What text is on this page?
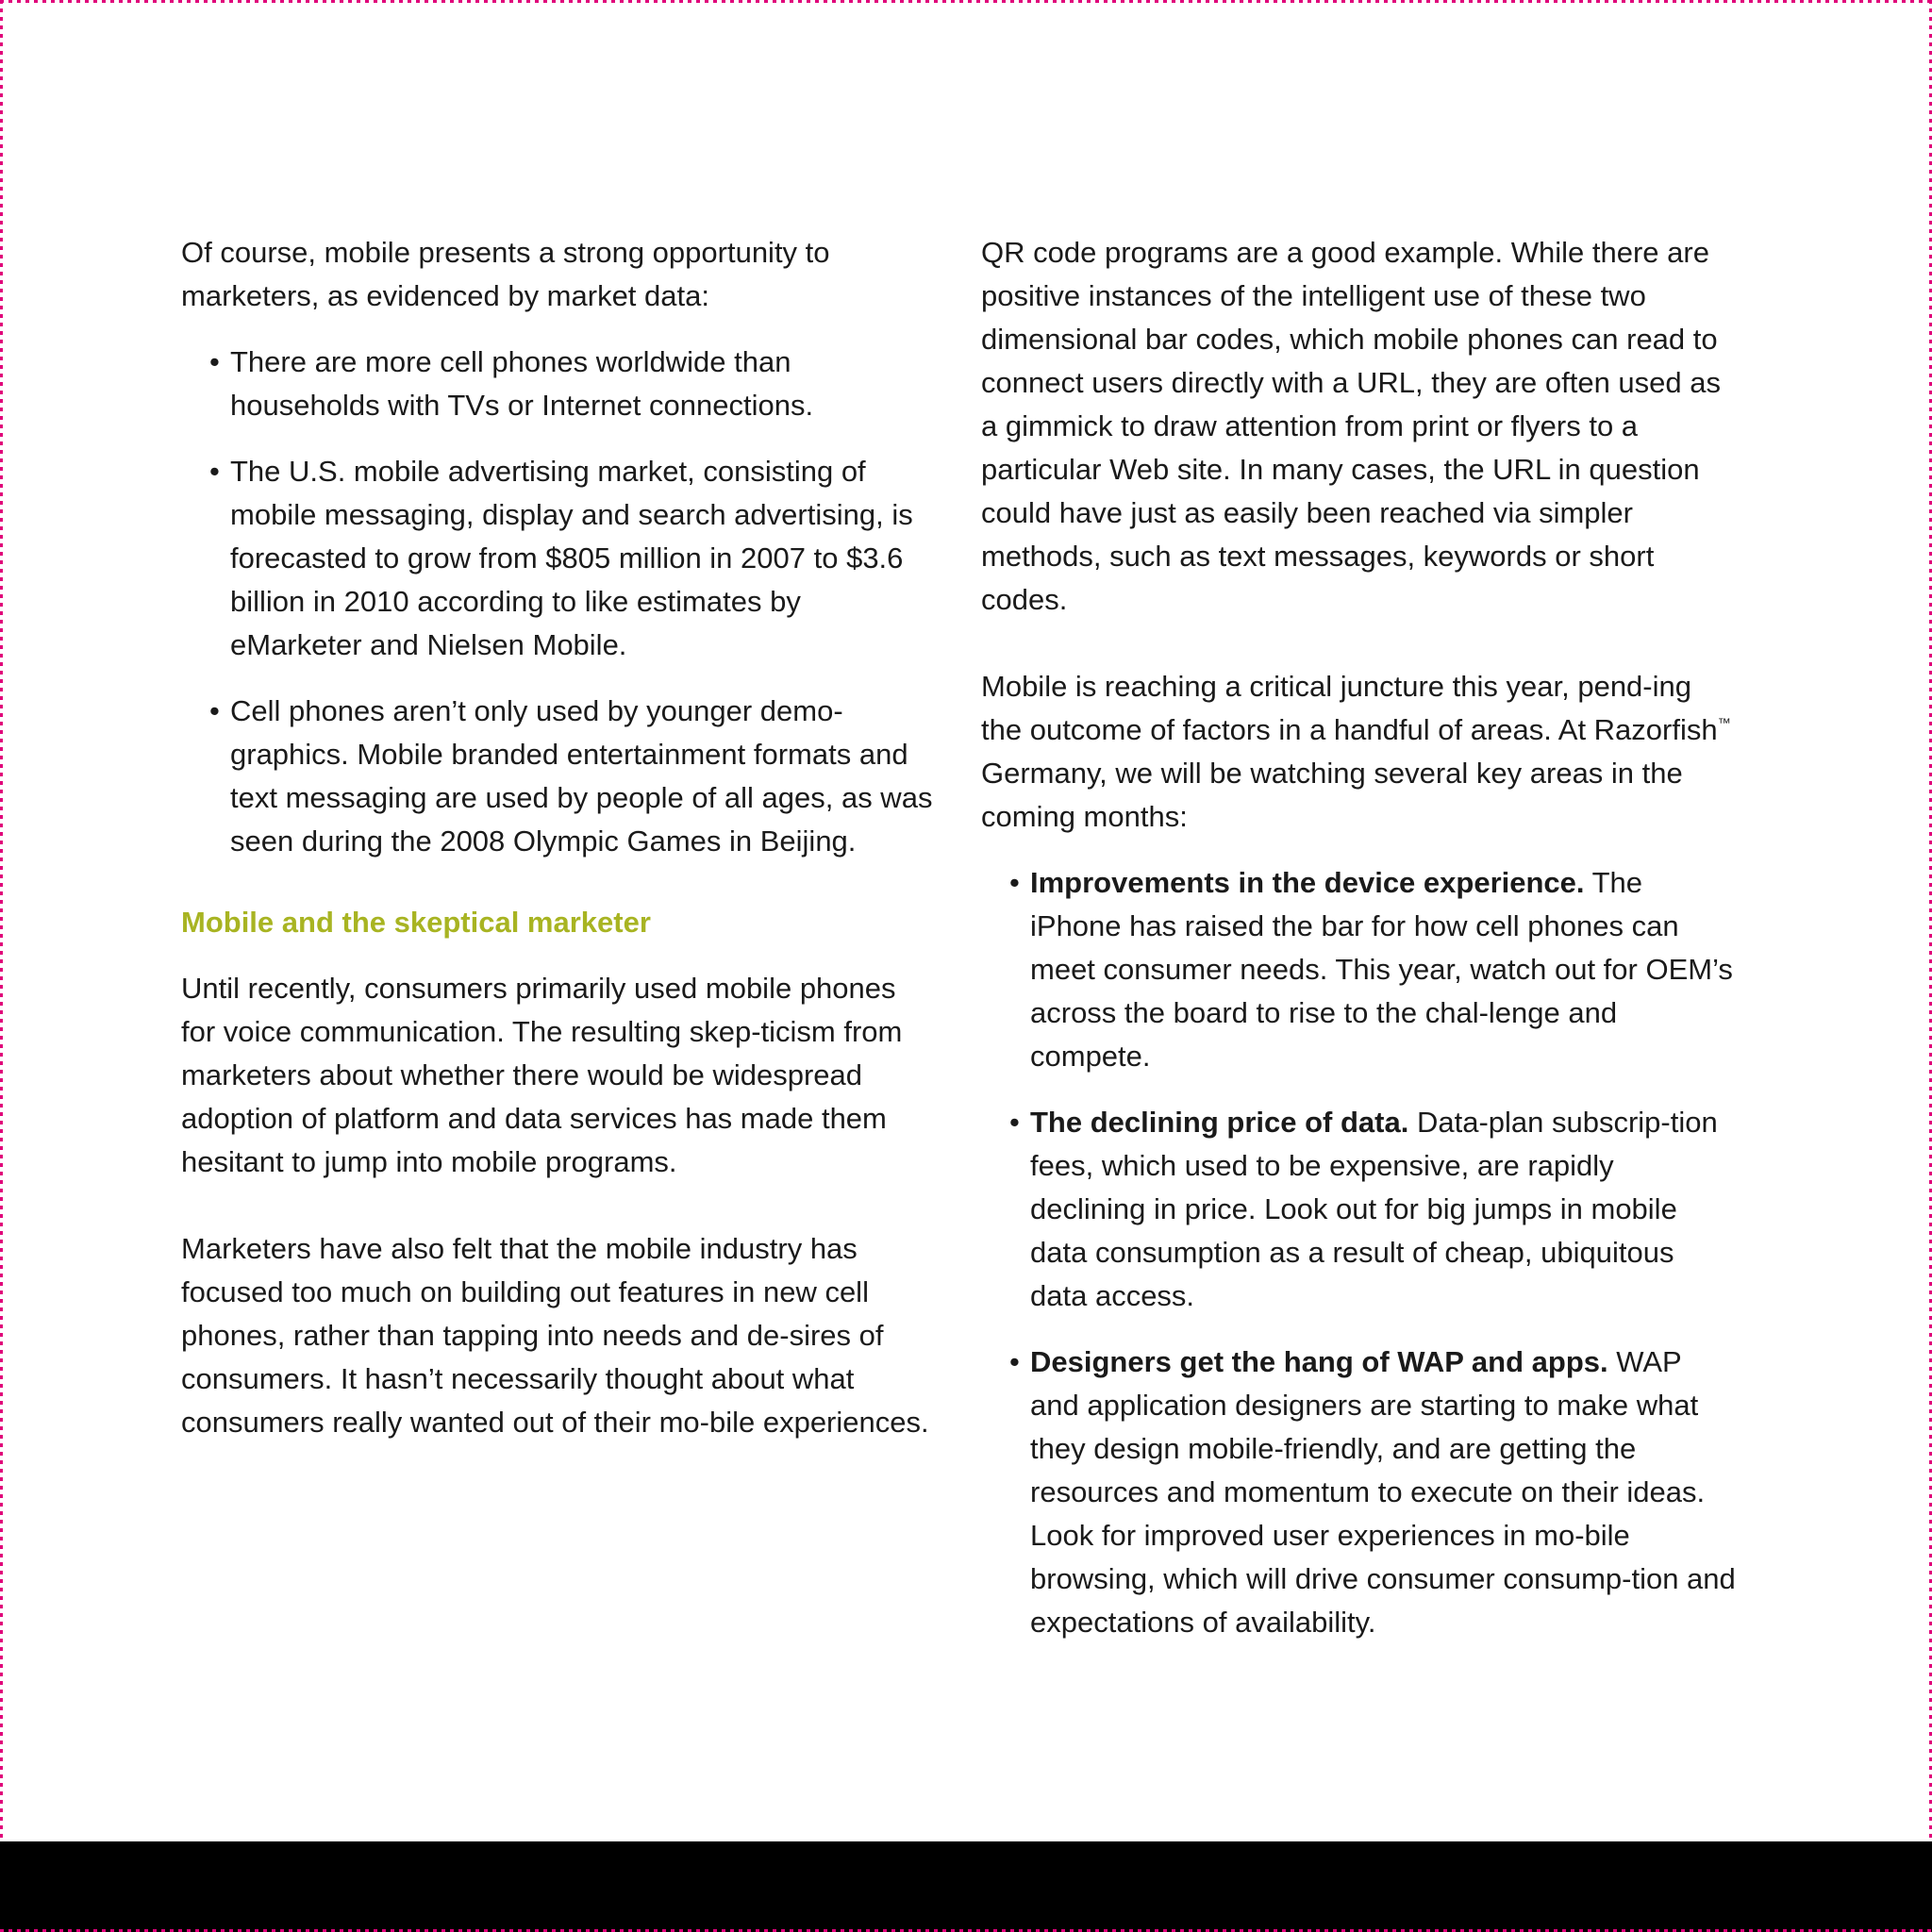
Of course, mobile presents a strong opportunity to marketers, as evidenced by market data:

• There are more cell phones worldwide than households with TVs or Internet connections.
• The U.S. mobile advertising market, consisting of mobile messaging, display and search advertising, is forecasted to grow from $805 million in 2007 to $3.6 billion in 2010 according to like estimates by eMarketer and Nielsen Mobile.
• Cell phones aren’t only used by younger demo-graphics. Mobile branded entertainment formats and text messaging are used by people of all ages, as was seen during the 2008 Olympic Games in Beijing.
Mobile and the skeptical marketer

Until recently, consumers primarily used mobile phones for voice communication. The resulting skep-ticism from marketers about whether there would be widespread adoption of platform and data services has made them hesitant to jump into mobile programs.

Marketers have also felt that the mobile industry has focused too much on building out features in new cell phones, rather than tapping into needs and de-sires of consumers. It hasn’t necessarily thought about what consumers really wanted out of their mo-bile experiences.

QR code programs are a good example. While there are positive instances of the intelligent use of these two dimensional bar codes, which mobile phones can read to connect users directly with a URL, they are often used as a gimmick to draw attention from print or flyers to a particular Web site. In many cases, the URL in question could have just as easily been reached via simpler methods, such as text messages, keywords or short codes.

Mobile is reaching a critical juncture this year, pend-ing the outcome of factors in a handful of areas. At Razorfish™ Germany, we will be watching several key areas in the coming months:

• Improvements in the device experience. The iPhone has raised the bar for how cell phones can meet consumer needs. This year, watch out for OEM’s across the board to rise to the chal-lenge and compete.
• The declining price of data. Data-plan subscrip-tion fees, which used to be expensive, are rapidly declining in price. Look out for big jumps in mobile data consumption as a result of cheap, ubiquitous data access.
• Designers get the hang of WAP and apps. WAP and application designers are starting to make what they design mobile-friendly, and are getting the resources and momentum to execute on their ideas. Look for improved user experiences in mo-bile browsing, which will drive consumer consump-tion and expectations of availability.
